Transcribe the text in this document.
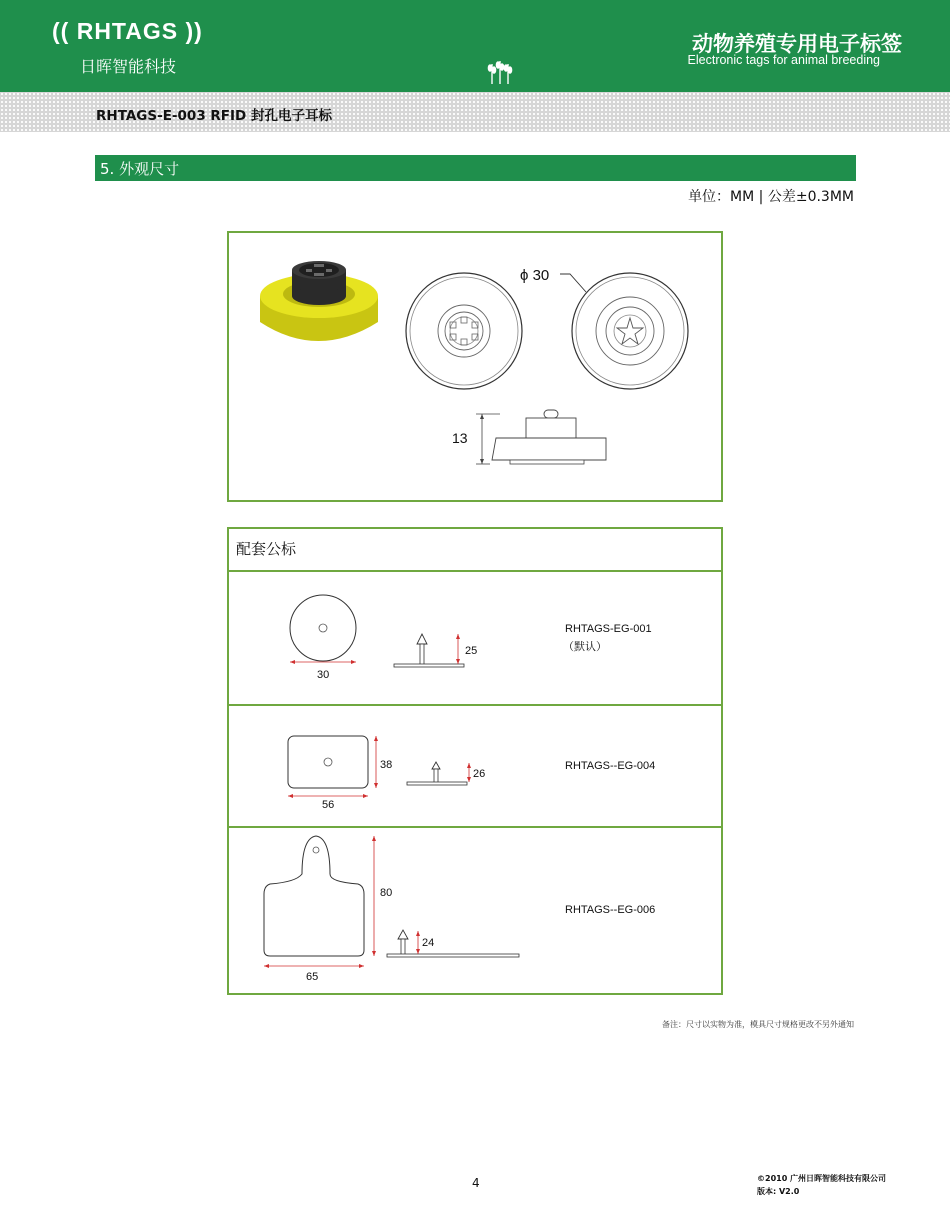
(( RHTAGS ))
日晖智能科技
动物养殖专用电子标签
Electronic tags for animal breeding
RHTAGS-E-003 RFID 封孔电子耳标
5. 外观尺寸
单位：MM | 公差±0.3MM
ϕ 30
13
配套公标
30
25
RHTAGS-EG-001
（默认）
56
38
26
RHTAGS--EG-004
65
80
24
RHTAGS--EG-006
备注：尺寸以实物为准，模具尺寸规格更改不另外通知
4	©2010 广州日晖智能科技有限公司
版本: V2.0
